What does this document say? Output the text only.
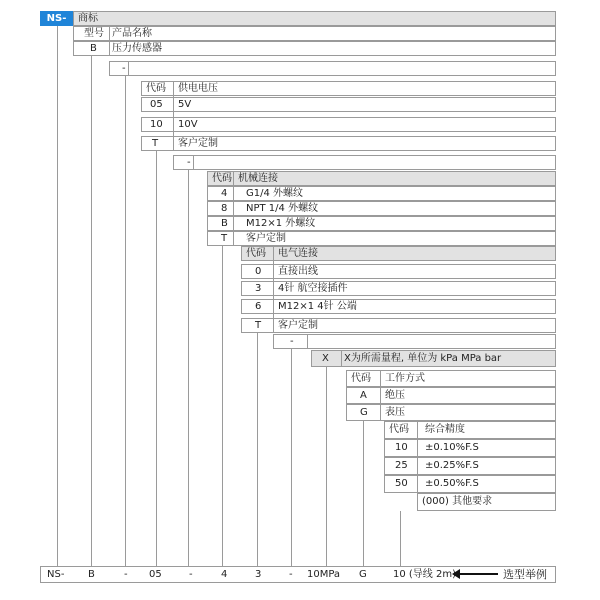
NS-	商标
型号 产品名称
B 压力传感器
-
代码 供电电压
05 5V
10 10V
T 客户定制
-
代码 机械连接
4 G1/4 外螺纹
8 NPT 1/4 外螺纹
B M12×1 外螺纹
T 客户定制
代码 电气连接
0 直接出线
3 4针 航空接插件
6 M12×1 4针 公端
T 客户定制
-
X X为所需量程, 单位为 kPa MPa bar
代码 工作方式
A 绝压
G 表压
代码 综合精度
10 ±0.10%F.S
25 ±0.25%F.S
50 ±0.50%F.S
(000) 其他要求
NS- B	- 05	-	4	3	- 10MPa G	10 (导线 2m)	选型举例
